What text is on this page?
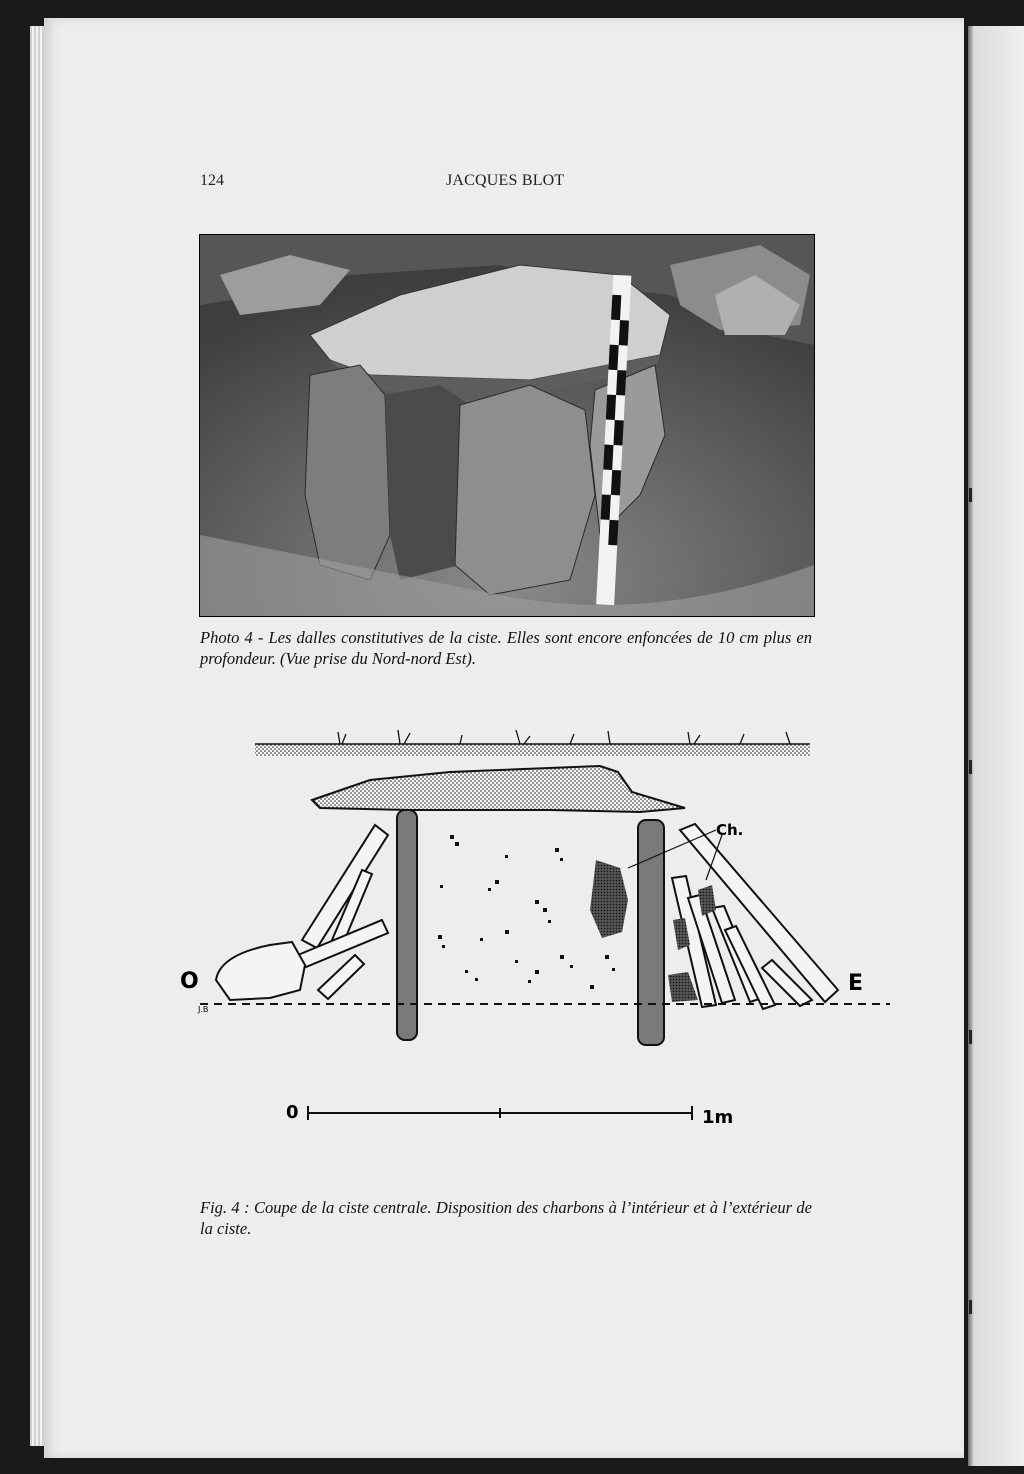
124	JACQUES BLOT

Photo 4 - Les dalles constitutives de la ciste. Elles sont encore enfoncées de 10 cm plus en profondeur. (Vue prise du Nord-nord Est).

Ch.
O	E
J.B
0	1m

Fig. 4 : Coupe de la ciste centrale. Disposition des charbons à l’intérieur et à l’extérieur de la ciste.
